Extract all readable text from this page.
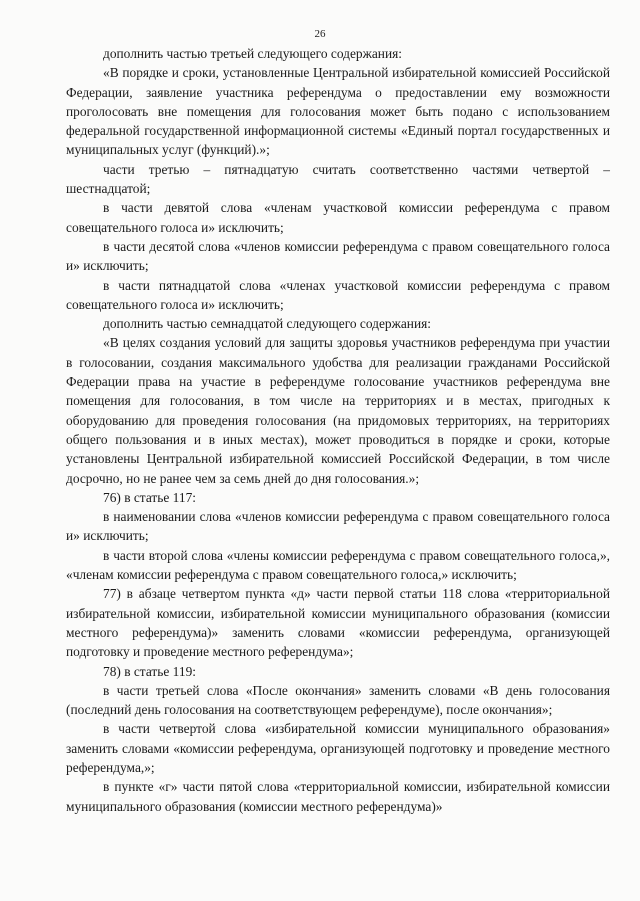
26

дополнить частью третьей следующего содержания:

«В порядке и сроки, установленные Центральной избирательной комиссией Российской Федерации, заявление участника референдума о предоставлении ему возможности проголосовать вне помещения для голосования может быть подано с использованием федеральной государственной информационной системы «Единый портал государственных и муниципальных услуг (функций).»;

части третью – пятнадцатую считать соответственно частями четвертой – шестнадцатой;

в части девятой слова «членам участковой комиссии референдума с правом совещательного голоса и» исключить;

в части десятой слова «членов комиссии референдума с правом совещательного голоса и» исключить;

в части пятнадцатой слова «членах участковой комиссии референдума с правом совещательного голоса и» исключить;

дополнить частью семнадцатой следующего содержания:

«В целях создания условий для защиты здоровья участников референдума при участии в голосовании, создания максимального удобства для реализации гражданами Российской Федерации права на участие в референдуме голосование участников референдума вне помещения для голосования, в том числе на территориях и в местах, пригодных к оборудованию для проведения голосования (на придомовых территориях, на территориях общего пользования и в иных местах), может проводиться в порядке и сроки, которые установлены Центральной избирательной комиссией Российской Федерации, в том числе досрочно, но не ранее чем за семь дней до дня голосования.»;

76) в статье 117:

в наименовании слова «членов комиссии референдума с правом совещательного голоса и» исключить;

в части второй слова «члены комиссии референдума с правом совещательного голоса,», «членам комиссии референдума с правом совещательного голоса,» исключить;

77) в абзаце четвертом пункта «д» части первой статьи 118 слова «территориальной избирательной комиссии, избирательной комиссии муниципального образования (комиссии местного референдума)» заменить словами «комиссии референдума, организующей подготовку и проведение местного референдума»;

78) в статье 119:

в части третьей слова «После окончания» заменить словами «В день голосования (последний день голосования на соответствующем референдуме), после окончания»;

в части четвертой слова «избирательной комиссии муниципального образования» заменить словами «комиссии референдума, организующей подготовку и проведение местного референдума,»;

в пункте «г» части пятой слова «территориальной комиссии, избирательной комиссии муниципального образования (комиссии местного референдума)»
